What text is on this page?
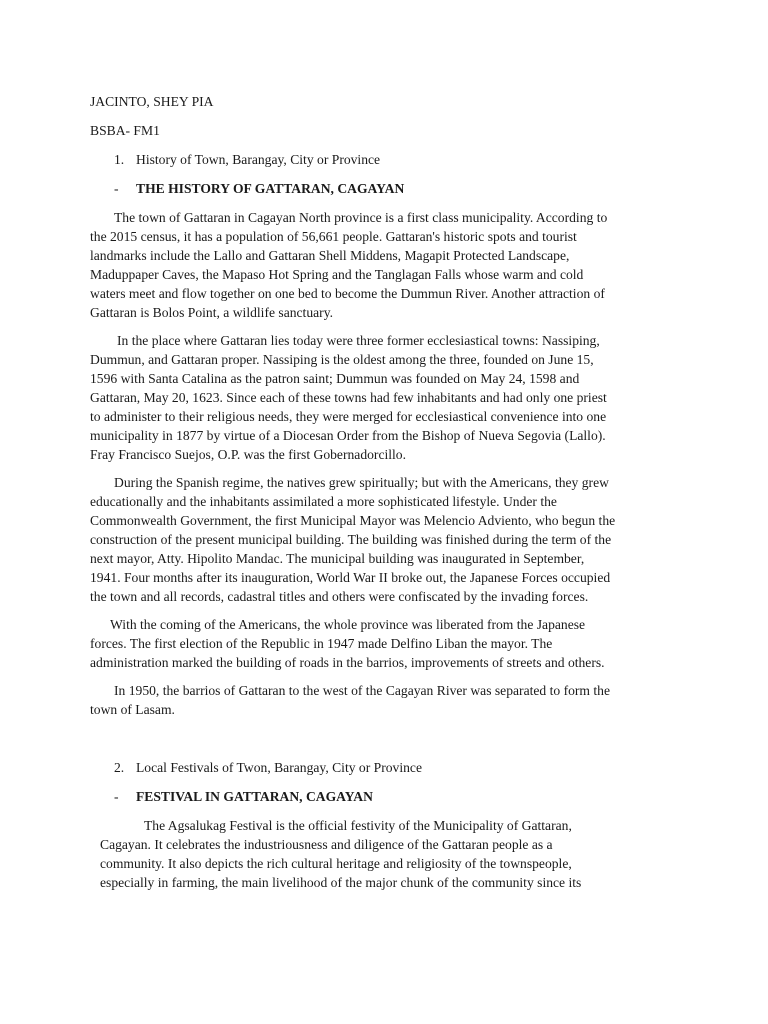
JACINTO, SHEY PIA

BSBA- FM1

1. History of Town, Barangay, City or Province

- THE HISTORY OF GATTARAN, CAGAYAN

The town of Gattaran in Cagayan North province is a first class municipality. According to
the 2015 census, it has a population of 56,661 people. Gattaran's historic spots and tourist
landmarks include the Lallo and Gattaran Shell Middens, Magapit Protected Landscape,
Maduppaper Caves, the Mapaso Hot Spring and the Tanglagan Falls whose warm and cold
waters meet and flow together on one bed to become the Dummun River. Another attraction of
Gattaran is Bolos Point, a wildlife sanctuary.
In the place where Gattaran lies today were three former ecclesiastical towns: Nassiping,
Dummun, and Gattaran proper. Nassiping is the oldest among the three, founded on June 15,
1596 with Santa Catalina as the patron saint; Dummun was founded on May 24, 1598 and
Gattaran, May 20, 1623. Since each of these towns had few inhabitants and had only one priest
to administer to their religious needs, they were merged for ecclesiastical convenience into one
municipality in 1877 by virtue of a Diocesan Order from the Bishop of Nueva Segovia (Lallo).
Fray Francisco Suejos, O.P. was the first Gobernadorcillo.
During the Spanish regime, the natives grew spiritually; but with the Americans, they grew
educationally and the inhabitants assimilated a more sophisticated lifestyle. Under the
Commonwealth Government, the first Municipal Mayor was Melencio Adviento, who begun the
construction of the present municipal building. The building was finished during the term of the
next mayor, Atty. Hipolito Mandac. The municipal building was inaugurated in September,
1941. Four months after its inauguration, World War II broke out, the Japanese Forces occupied
the town and all records, cadastral titles and others were confiscated by the invading forces.
With the coming of the Americans, the whole province was liberated from the Japanese
forces. The first election of the Republic in 1947 made Delfino Liban the mayor. The
administration marked the building of roads in the barrios, improvements of streets and others.
In 1950, the barrios of Gattaran to the west of the Cagayan River was separated to form the
town of Lasam.

2. Local Festivals of Twon, Barangay, City or Province

- FESTIVAL IN GATTARAN, CAGAYAN

The Agsalukag Festival is the official festivity of the Municipality of Gattaran,
Cagayan. It celebrates the industriousness and diligence of the Gattaran people as a
community. It also depicts the rich cultural heritage and religiosity of the townspeople,
especially in farming, the main livelihood of the major chunk of the community since its
